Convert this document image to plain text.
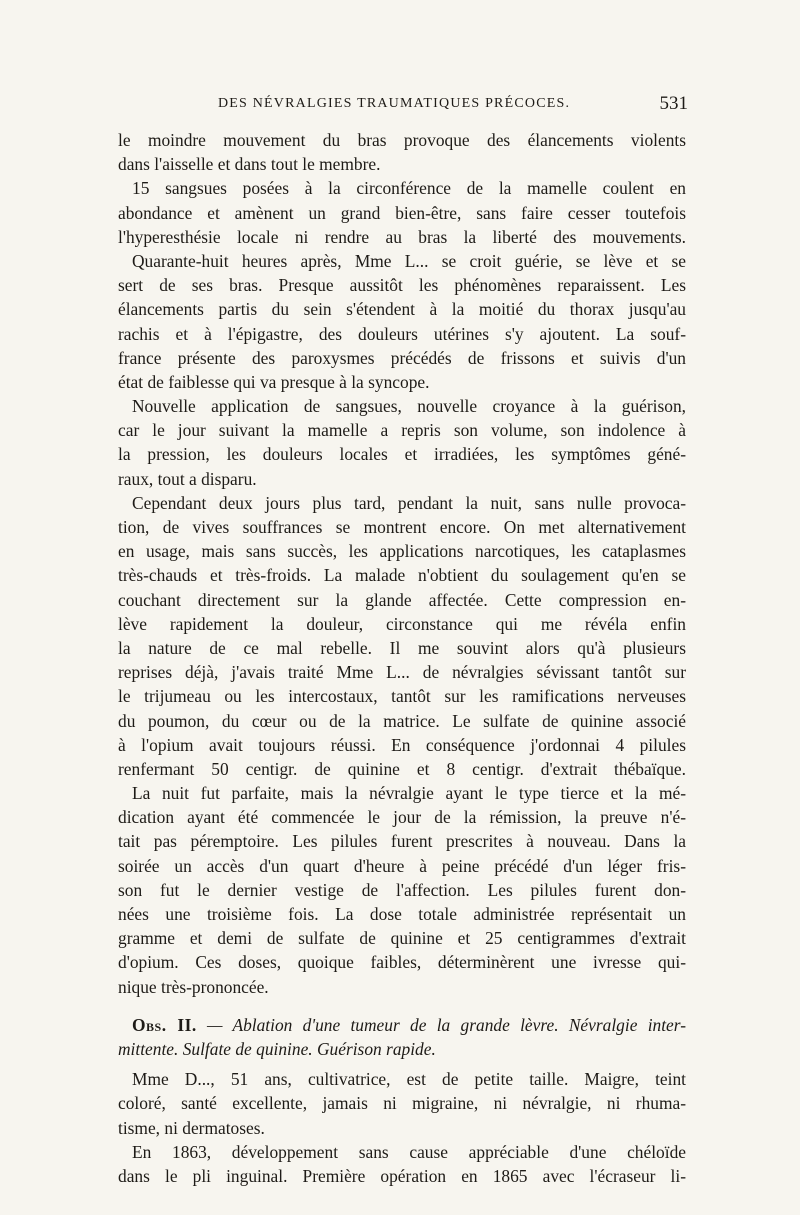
DES NÉVRALGIES TRAUMATIQUES PRÉCOCES.	531
le moindre mouvement du bras provoque des élancements violents
dans l'aisselle et dans tout le membre.
15 sangsues posées à la circonférence de la mamelle coulent en
abondance et amènent un grand bien-être, sans faire cesser toutefois
l'hyperesthésie locale ni rendre au bras la liberté des mouvements.
Quarante-huit heures après, Mme L... se croit guérie, se lève et se
sert de ses bras. Presque aussitôt les phénomènes reparaissent. Les
élancements partis du sein s'étendent à la moitié du thorax jusqu'au
rachis et à l'épigastre, des douleurs utérines s'y ajoutent. La souf-
france présente des paroxysmes précédés de frissons et suivis d'un
état de faiblesse qui va presque à la syncope.
Nouvelle application de sangsues, nouvelle croyance à la guérison,
car le jour suivant la mamelle a repris son volume, son indolence à
la pression, les douleurs locales et irradiées, les symptômes géné-
raux, tout a disparu.
Cependant deux jours plus tard, pendant la nuit, sans nulle provoca-
tion, de vives souffrances se montrent encore. On met alternativement
en usage, mais sans succès, les applications narcotiques, les cataplasmes
très-chauds et très-froids. La malade n'obtient du soulagement qu'en se
couchant directement sur la glande affectée. Cette compression en-
lève rapidement la douleur, circonstance qui me révéla enfin
la nature de ce mal rebelle. Il me souvint alors qu'à plusieurs
reprises déjà, j'avais traité Mme L... de névralgies sévissant tantôt sur
le trijumeau ou les intercostaux, tantôt sur les ramifications nerveuses
du poumon, du cœur ou de la matrice. Le sulfate de quinine associé
à l'opium avait toujours réussi. En conséquence j'ordonnai 4 pilules
renfermant 50 centigr. de quinine et 8 centigr. d'extrait thébaïque.
La nuit fut parfaite, mais la névralgie ayant le type tierce et la mé-
dication ayant été commencée le jour de la rémission, la preuve n'é-
tait pas péremptoire. Les pilules furent prescrites à nouveau. Dans la
soirée un accès d'un quart d'heure à peine précédé d'un léger fris-
son fut le dernier vestige de l'affection. Les pilules furent don-
nées une troisième fois. La dose totale administrée représentait un
gramme et demi de sulfate de quinine et 25 centigrammes d'extrait
d'opium. Ces doses, quoique faibles, déterminèrent une ivresse qui-
nique très-prononcée.
Obs. II. — Ablation d'une tumeur de la grande lèvre. Névralgie inter-
mittente. Sulfate de quinine. Guérison rapide.
Mme D..., 51 ans, cultivatrice, est de petite taille. Maigre, teint
coloré, santé excellente, jamais ni migraine, ni névralgie, ni rhuma-
tisme, ni dermatoses.
En 1863, développement sans cause appréciable d'une chéloïde
dans le pli inguinal. Première opération en 1865 avec l'écraseur li-
